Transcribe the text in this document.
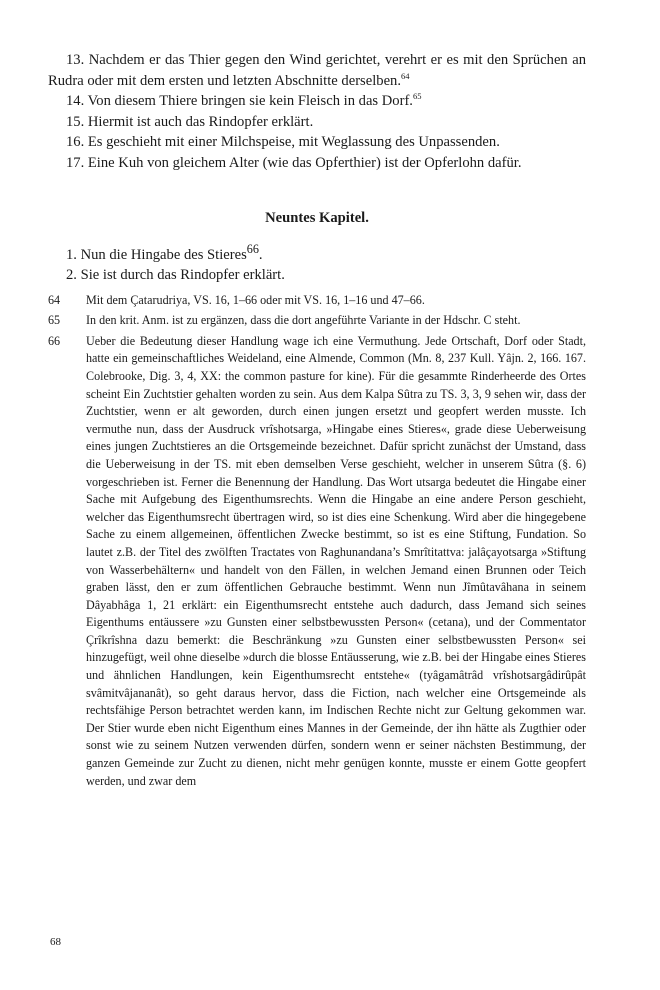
13. Nachdem er das Thier gegen den Wind gerichtet, verehrt er es mit den Sprüchen an Rudra oder mit dem ersten und letzten Abschnitte derselben.$^{64}$

14. Von diesem Thiere bringen sie kein Fleisch in das Dorf.$^{65}$

15. Hiermit ist auch das Rindopfer erklärt.

16. Es geschieht mit einer Milchspeise, mit Weglassung des Unpassenden.

17. Eine Kuh von gleichem Alter (wie das Opferthier) ist der Opferlohn dafür.

Neuntes Kapitel.

1. Nun die Hingabe des Stieres$^{66}$.

2. Sie ist durch das Rindopfer erklärt.

64	Mit dem Çatarudriya, VS. 16, 1–66 oder mit VS. 16, 1–16 und 47–66.
65	In den krit. Anm. ist zu ergänzen, dass die dort angeführte Variante in der Hdschr. C steht.
66	Ueber die Bedeutung dieser Handlung wage ich eine Vermuthung. Jede Ortschaft, Dorf oder Stadt, hatte ein gemeinschaftliches Weideland, eine Almende, Common (Mn. 8, 237 Kull. Yâjn. 2, 166. 167. Colebrooke, Dig. 3, 4, XX: the common pasture for kine). Für die gesammte Rinderheerde des Ortes scheint Ein Zuchtstier gehalten worden zu sein. Aus dem Kalpa Sûtra zu TS. 3, 3, 9 sehen wir, dass der Zuchtstier, wenn er alt geworden, durch einen jungen ersetzt und geopfert werden musste. Ich vermuthe nun, dass der Ausdruck vrîshotsarga, »Hingabe eines Stieres«, grade diese Ueberweisung eines jungen Zuchtstieres an die Ortsgemeinde bezeichnet. Dafür spricht zunächst der Umstand, dass die Ueberweisung in der TS. mit eben demselben Verse geschieht, welcher in unserem Sûtra (§. 6) vorgeschrieben ist. Ferner die Benennung der Handlung. Das Wort utsarga bedeutet die Hingabe einer Sache mit Aufgebung des Eigenthumsrechts. Wenn die Hingabe an eine andere Person geschieht, welcher das Eigenthumsrecht übertragen wird, so ist dies eine Schenkung. Wird aber die hingegebene Sache zu einem allgemeinen, öffentlichen Zwecke bestimmt, so ist es eine Stiftung, Fundation. So lautet z.B. der Titel des zwölften Tractates von Raghunandana’s Smrîtitattva: jalâçayotsarga »Stiftung von Wasserbehältern« und handelt von den Fällen, in welchen Jemand einen Brunnen oder Teich graben lässt, den er zum öffentlichen Gebrauche bestimmt. Wenn nun Jîmûtavâhana in seinem Dâyabhâga 1, 21 erklärt: ein Eigenthumsrecht entstehe auch dadurch, dass Jemand sich seines Eigenthums entäussere »zu Gunsten einer selbstbewussten Person« (cetana), und der Commentator Çrîkrîshna dazu bemerkt: die Beschränkung »zu Gunsten einer selbstbewussten Person« sei hinzugefügt, weil ohne dieselbe »durch die blosse Entäusserung, wie z.B. bei der Hingabe eines Stieres und ähnlichen Handlungen, kein Eigenthumsrecht entstehe« (tyâgamâtrâd vrîshotsargâdirûpât svâmitvâjananât), so geht daraus hervor, dass die Fiction, nach welcher eine Ortsgemeinde als rechtsfähige Person betrachtet werden kann, im Indischen Rechte nicht zur Geltung gekommen war. Der Stier wurde eben nicht Eigenthum eines Mannes in der Gemeinde, der ihn hätte als Zugthier oder sonst wie zu seinem Nutzen verwenden dürfen, sondern wenn er seiner nächsten Bestimmung, der ganzen Gemeinde zur Zucht zu dienen, nicht mehr genügen konnte, musste er einem Gotte geopfert werden, und zwar dem
68
